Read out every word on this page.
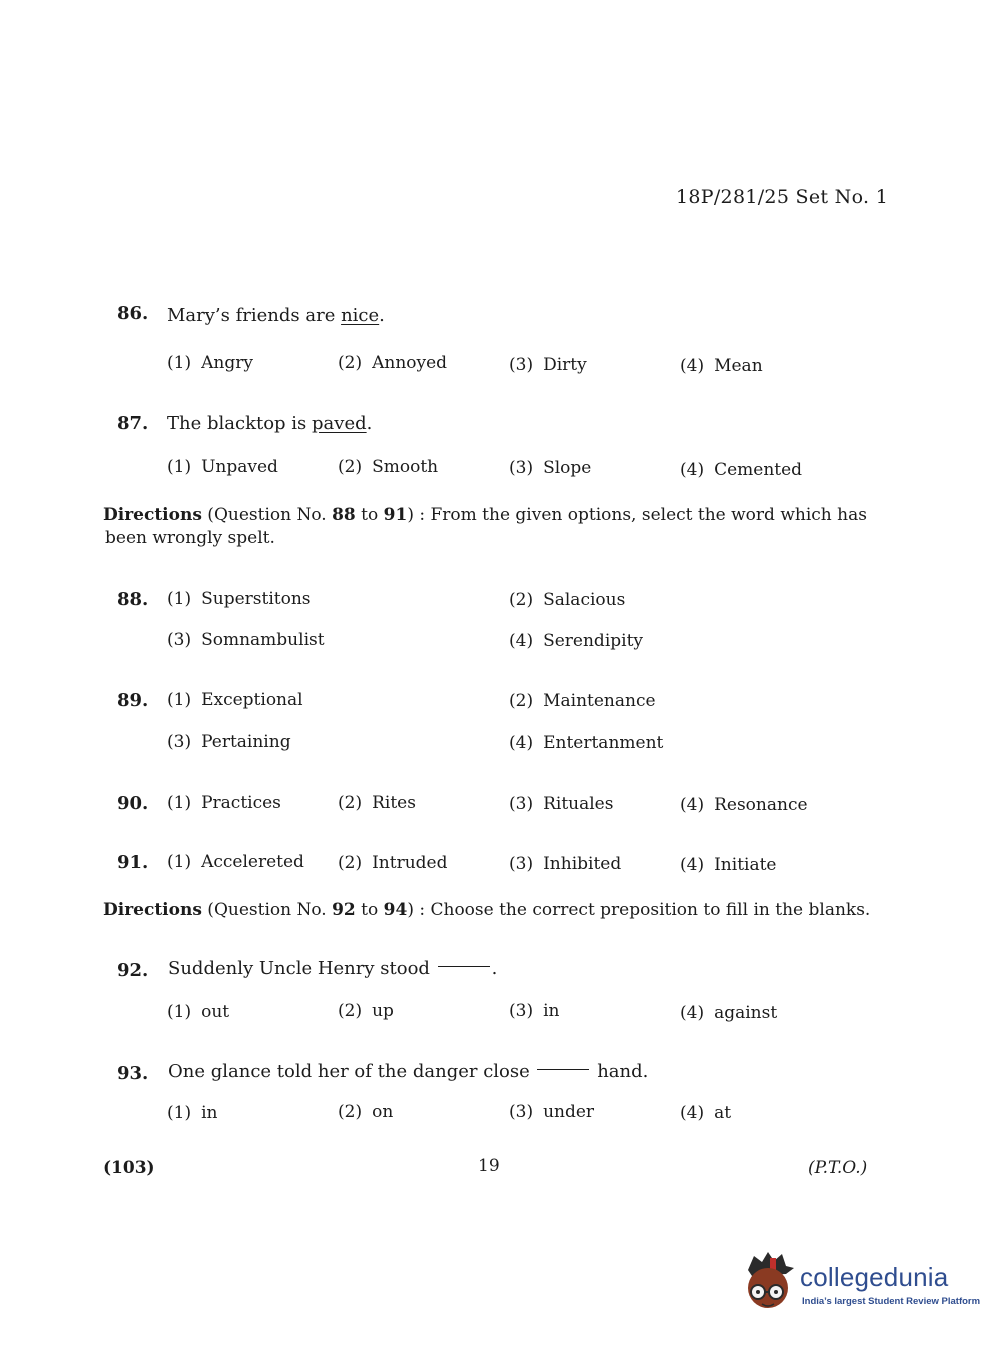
18P/281/25 Set No. 1
86. Mary’s friends are nice.
(1) Angry	(2) Annoyed	(3) Dirty	(4) Mean
87. The blacktop is paved.
(1) Unpaved	(2) Smooth	(3) Slope	(4) Cemented
Directions (Question No. 88 to 91) : From the given options, select the word which has
been wrongly spelt.
88. (1) Superstitons	(2) Salacious
(3) Somnambulist	(4) Serendipity
89. (1) Exceptional	(2) Maintenance
(3) Pertaining	(4) Entertanment
90. (1) Practices	(2) Rites	(3) Rituales	(4) Resonance
91. (1) Accelereted (2) Intruded	(3) Inhibited	(4) Initiate
Directions (Question No. 92 to 94) : Choose the correct preposition to fill in the blanks.
92. Suddenly Uncle Henry stood	.
(1) out	(2) up	(3) in	(4) against
93. One glance told her of the danger close	hand.
(1) in	(2) on	(3) under	(4) at
(103)	19	(P.T.O.)
collegedunia
India’s largest Student Review Platform
